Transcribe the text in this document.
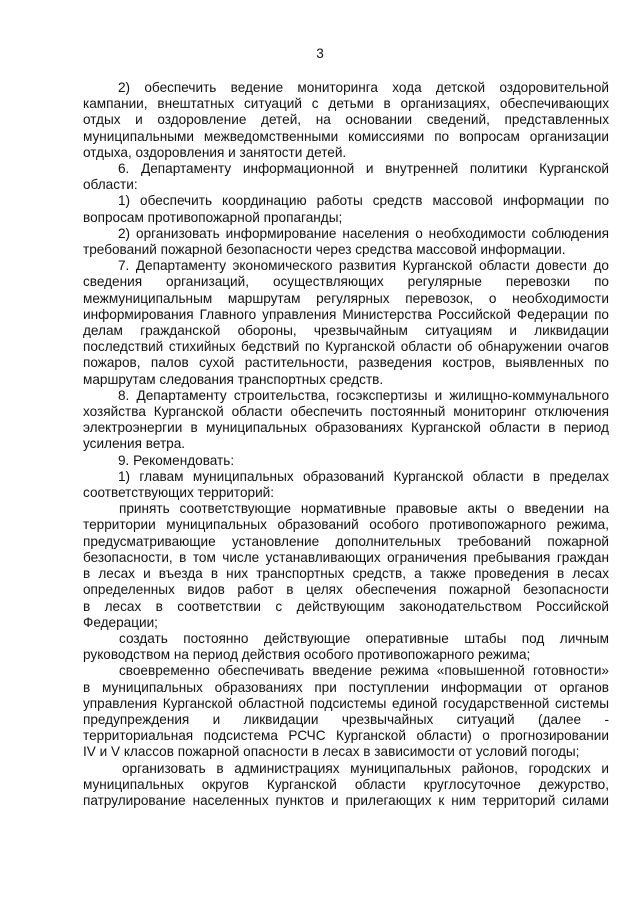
3
2) обеспечить ведение мониторинга хода детской оздоровительной
кампании, внештатных ситуаций с детьми в организациях, обеспечивающих
отдых и оздоровление детей, на основании сведений, представленных
муниципальными межведомственными комиссиями по вопросам организации
отдыха, оздоровления и занятости детей.
6. Департаменту информационной и внутренней политики Курганской
области:
1) обеспечить координацию работы средств массовой информации по
вопросам противопожарной пропаганды;
2) организовать информирование населения о необходимости соблюдения
требований пожарной безопасности через средства массовой информации.
7. Департаменту экономического развития Курганской области довести до
сведения организаций, осуществляющих регулярные перевозки по
межмуниципальным маршрутам регулярных перевозок, о необходимости
информирования Главного управления Министерства Российской Федерации по
делам гражданской обороны, чрезвычайным ситуациям и ликвидации
последствий стихийных бедствий по Курганской области об обнаружении очагов
пожаров, палов сухой растительности, разведения костров, выявленных по
маршрутам следования транспортных средств.
8. Департаменту строительства, госэкспертизы и жилищно-коммунального
хозяйства Курганской области обеспечить постоянный мониторинг отключения
электроэнергии в муниципальных образованиях Курганской области в период
усиления ветра.
9. Рекомендовать:
1) главам муниципальных образований Курганской области в пределах
соответствующих территорий:
принять соответствующие нормативные правовые акты о введении на
территории муниципальных образований особого противопожарного режима,
предусматривающие установление дополнительных требований пожарной
безопасности, в том числе устанавливающих ограничения пребывания граждан
в лесах и въезда в них транспортных средств, а также проведения в лесах
определенных видов работ в целях обеспечения пожарной безопасности
в лесах в соответствии с действующим законодательством Российской
Федерации;
создать постоянно действующие оперативные штабы под личным
руководством на период действия особого противопожарного режима;
своевременно обеспечивать введение режима «повышенной готовности»
в муниципальных образованиях при поступлении информации от органов
управления Курганской областной подсистемы единой государственной системы
предупреждения и ликвидации чрезвычайных ситуаций (далее -
территориальная подсистема РСЧС Курганской области) о прогнозировании
IV и V классов пожарной опасности в лесах в зависимости от условий погоды;
организовать в администрациях муниципальных районов, городских и
муниципальных округов Курганской области круглосуточное дежурство,
патрулирование населенных пунктов и прилегающих к ним территорий силами
